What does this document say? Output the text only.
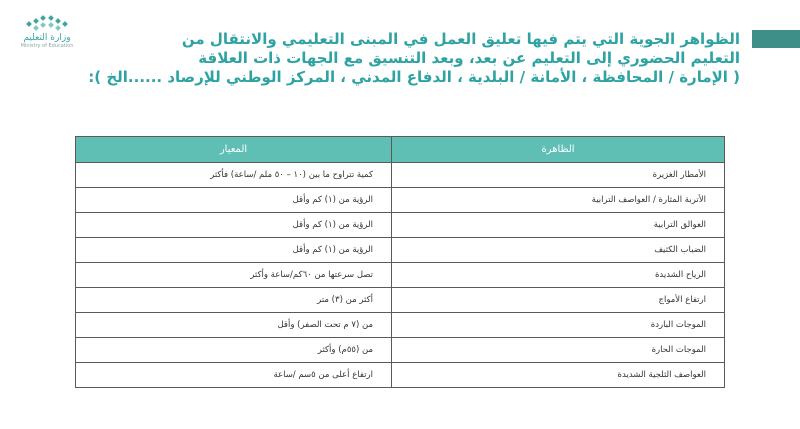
وزارة التعليم
Ministry of Education	الظواهر الجوية التي يتم فيها تعليق العمل في المبنى التعليمي والانتقال من
التعليم الحضوري إلى التعليم عن بعد، وبعد التنسيق مع الجهات ذات العلاقة
( الإمارة / المحافظة ، الأمانة / البلدية ، الدفاع المدني ، المركز الوطني للإرصاد ......الخ ):
الظاهرة	المعيار
الأمطار الغزيرة	كمية تتراوح ما بين (١٠ – ٥٠ ملم /ساعة) فأكثر
الأتربة المثارة / العواصف الترابية	الرؤية من (١) كم وأقل
العوالق الترابية	الرؤية من (١) كم وأقل
الضباب الكثيف	الرؤية من (١) كم وأقل
الرياح الشديدة	تصل سرعتها من ٦٠كم/ساعة وأكثر
ارتفاع الأمواج	أكثر من (٣) متر
الموجات الباردة	من (٧ م تحت الصفر) وأقل
الموجات الحارة	من (٥٥م) وأكثر
العواصف الثلجية الشديدة	ارتفاع أعلى من ٥سم /ساعة
